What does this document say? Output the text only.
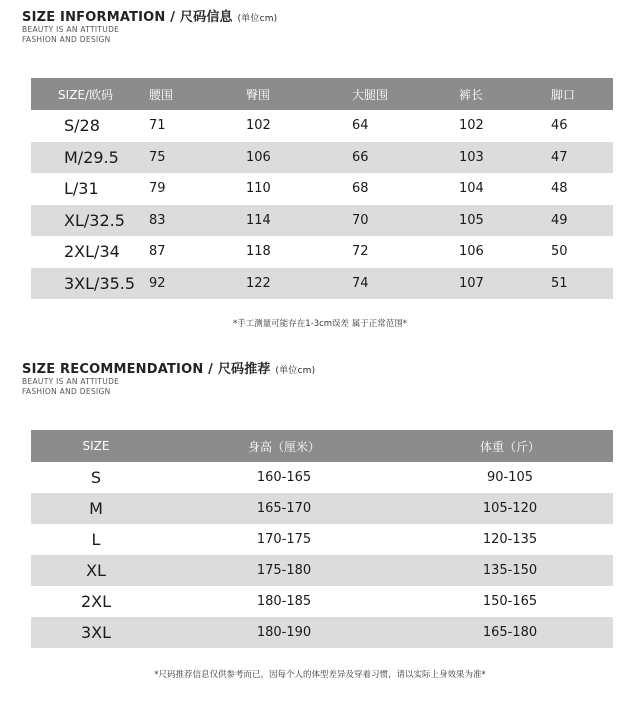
SIZE INFORMATION / 尺码信息 (单位cm)
BEAUTY IS AN ATTITUDE
FASHION AND DESIGN
SIZE/欧码	腰围	臀围	大腿围	裤长	脚口
S/28	71	102	64	102	46
M/29.5	75	106	66	103	47
L/31	79	110	68	104	48
XL/32.5	83	114	70	105	49
2XL/34	87	118	72	106	50
3XL/35.5	92	122	74	107	51
*手工测量可能存在1-3cm误差 属于正常范围*
SIZE RECOMMENDATION / 尺码推荐 (单位cm)
BEAUTY IS AN ATTITUDE
FASHION AND DESIGN
SIZE	身高（厘米）	体重（斤）
S	160-165	90-105
M	165-170	105-120
L	170-175	120-135
XL	175-180	135-150
2XL	180-185	150-165
3XL	180-190	165-180
*尺码推荐信息仅供参考而已，因每个人的体型差异及穿着习惯，请以实际上身效果为准*
